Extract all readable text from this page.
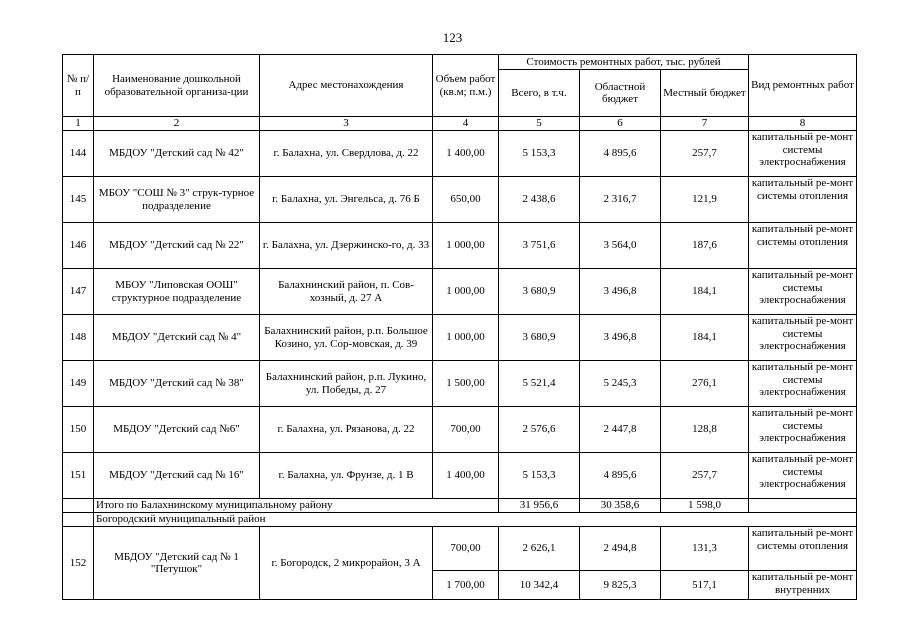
123
№ п/п	Наименование дошкольной образовательной организа-ции	Адрес местонахождения	Объем работ (кв.м; п.м.)	Стоимость ремонтных работ, тыс. рублей			Вид ремонтных работ
				Всего, в т.ч.	Областной бюджет	Местный бюджет	
1	2	3	4	5	6	7	8
144	МБДОУ "Детский сад № 42"	г. Балахна, ул. Свердлова, д. 22	1 400,00	5 153,3	4 895,6	257,7	капитальный ре-монт системы электроснабжения
145	МБОУ "СОШ № 3" струк-турное подразделение	г. Балахна, ул. Энгельса, д. 76 Б	650,00	2 438,6	2 316,7	121,9	капитальный ре-монт системы отопления
146	МБДОУ "Детский сад № 22"	г. Балахна, ул. Дзержинско-го, д. 33	1 000,00	3 751,6	3 564,0	187,6	капитальный ре-монт системы отопления
147	МБОУ "Липовская ООШ" структурное подразделение	Балахнинский район, п. Сов-хозный, д. 27 А	1 000,00	3 680,9	3 496,8	184,1	капитальный ре-монт системы электроснабжения
148	МБДОУ "Детский сад № 4"	Балахнинский район, р.п. Большое Козино, ул. Сор-мовская, д. 39	1 000,00	3 680,9	3 496,8	184,1	капитальный ре-монт системы электроснабжения
149	МБДОУ "Детский сад № 38"	Балахнинский район, р.п. Лукино, ул. Победы, д. 27	1 500,00	5 521,4	5 245,3	276,1	капитальный ре-монт системы электроснабжения
150	МБДОУ "Детский сад №6"	г. Балахна, ул. Рязанова, д. 22	700,00	2 576,6	2 447,8	128,8	капитальный ре-монт системы электроснабжения
151	МБДОУ "Детский сад № 16"	г. Балахна, ул. Фрунзе, д. 1 В	1 400,00	5 153,3	4 895,6	257,7	капитальный ре-монт системы электроснабжения
	Итого по Балахнинскому муниципальному району			31 956,6	30 358,6	1 598,0	
	Богородский муниципальный район						
152	МБДОУ "Детский сад № 1 "Петушок"	г. Богородск, 2 микрорайон, 3 А	700,00	2 626,1	2 494,8	131,3	капитальный ре-монт системы отопления
			1 700,00	10 342,4	9 825,3	517,1	капитальный ре-монт внутренних
